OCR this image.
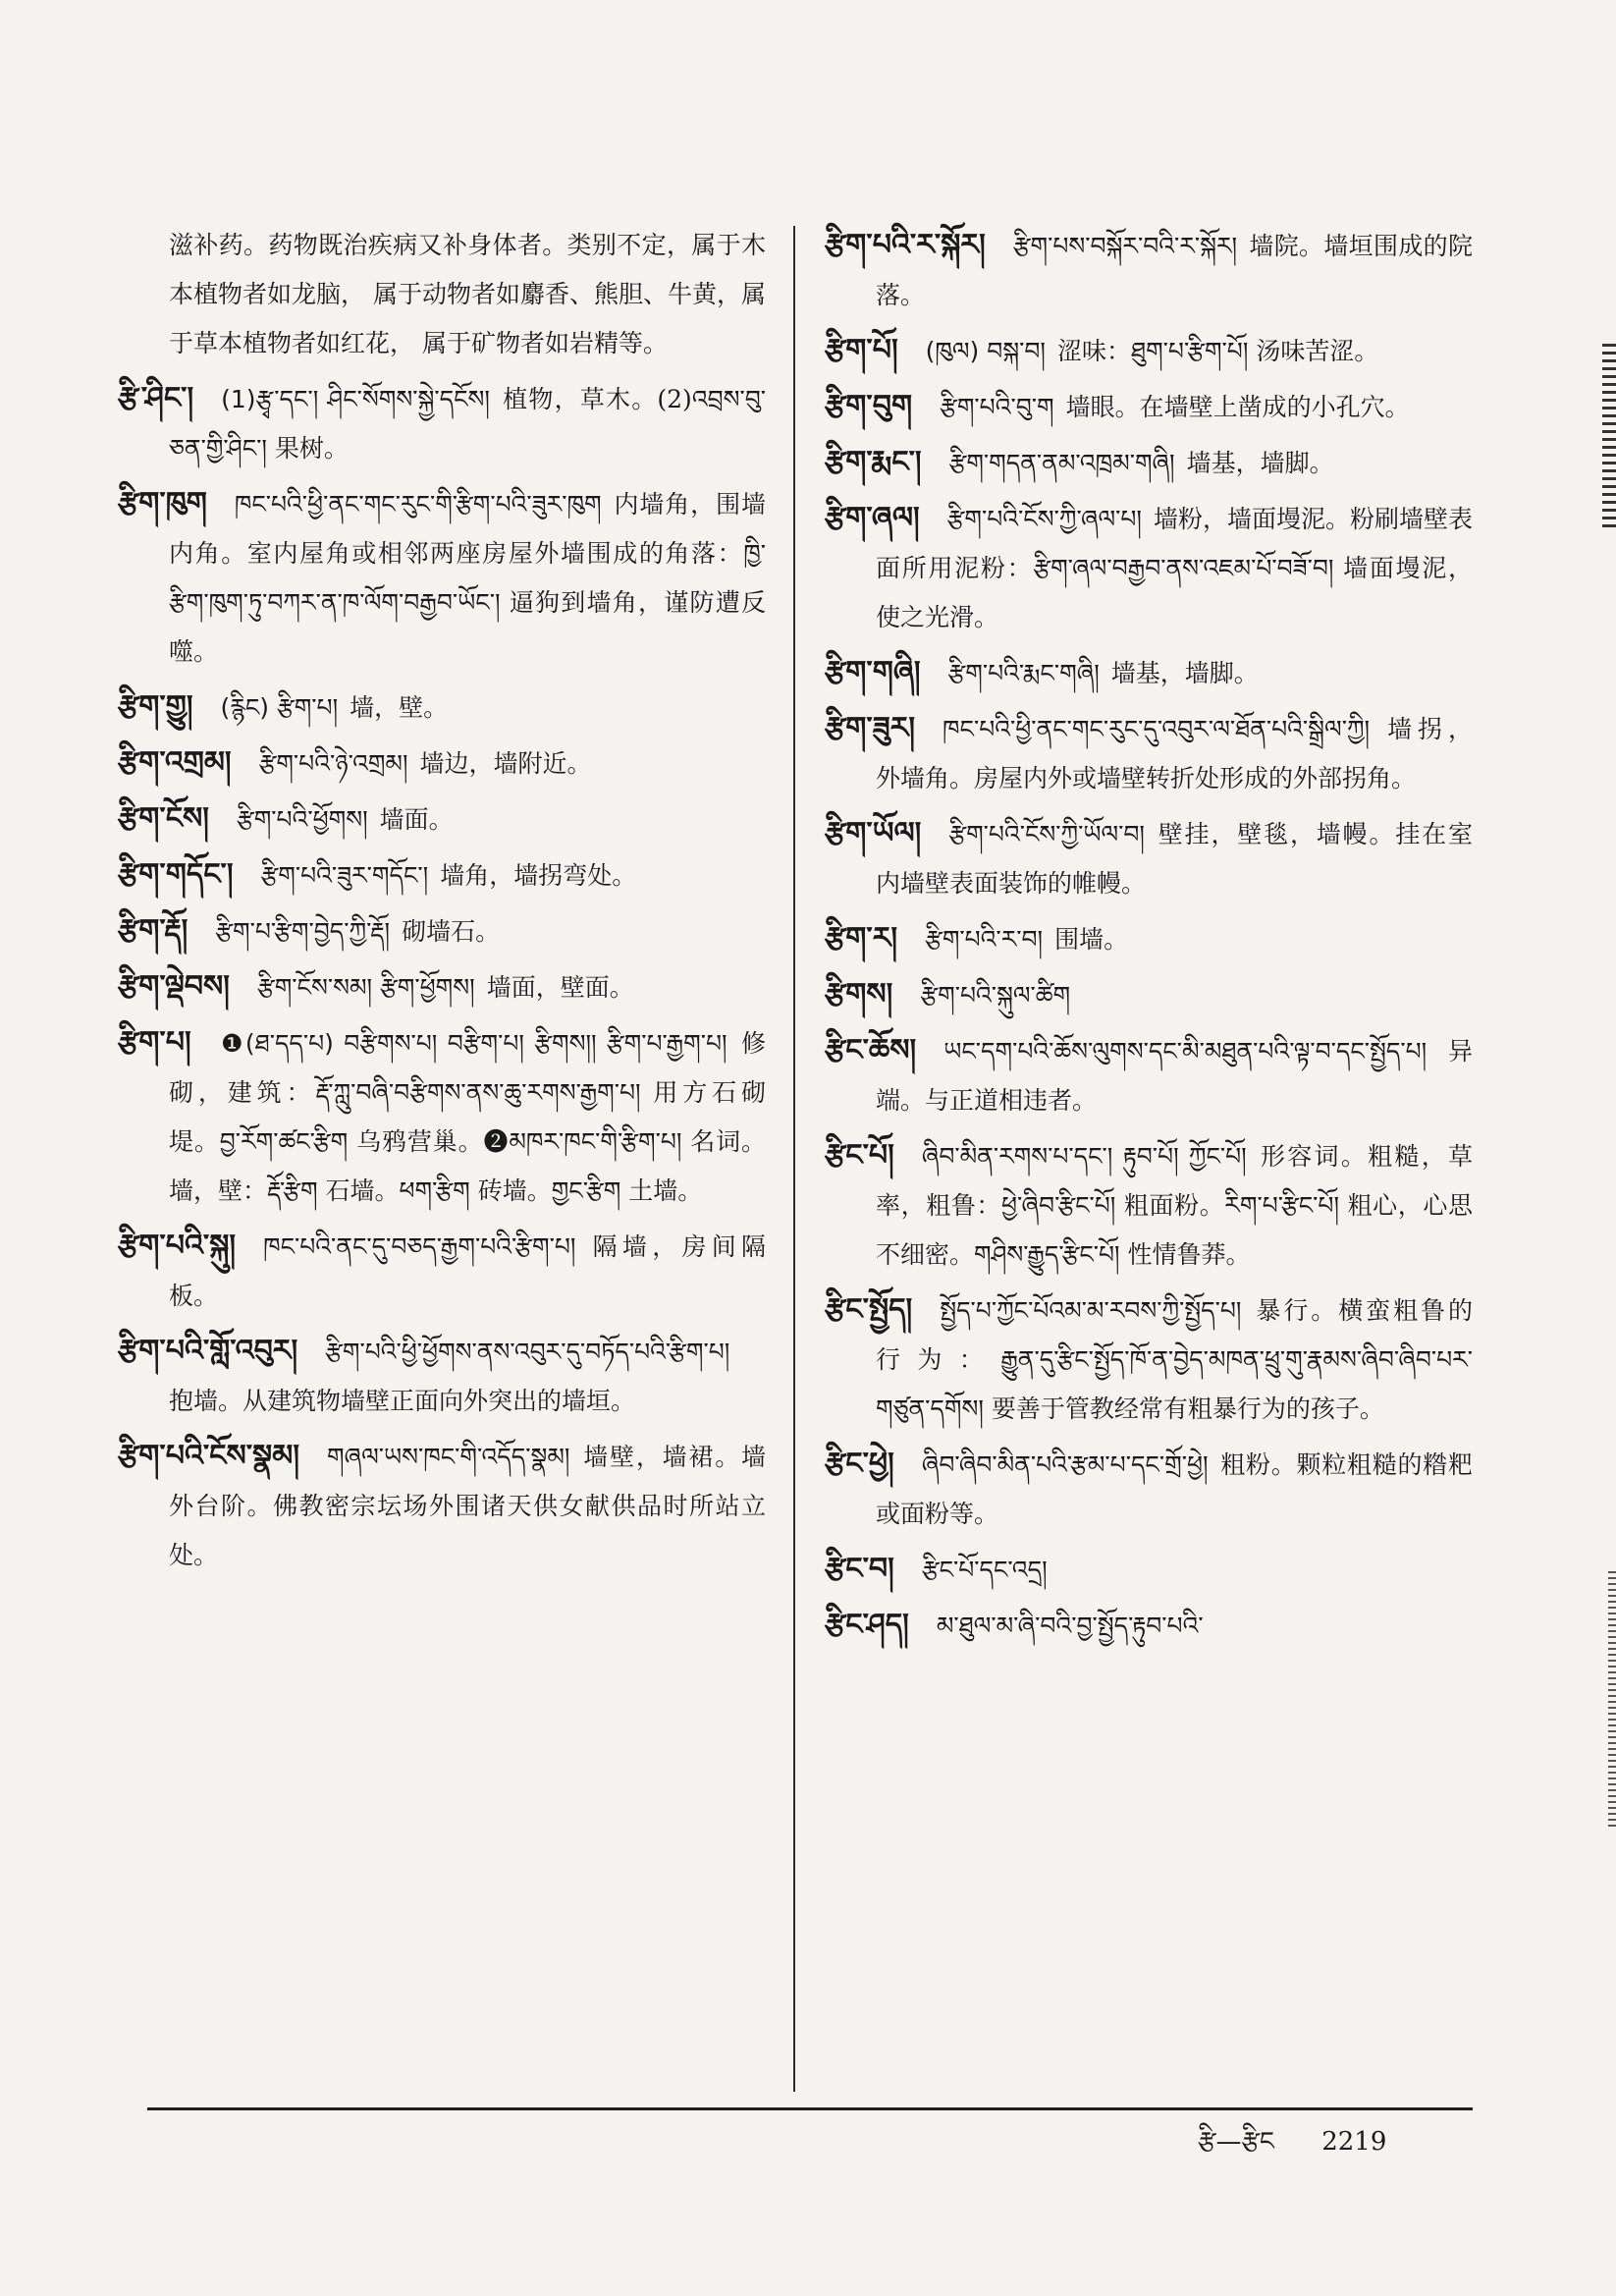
滋补药。药物既治疾病又补身体者。类别不定，属于木本植物者如龙脑， 属于动物者如麝香、熊胆、牛黄，属于草本植物者如红花， 属于矿物者如岩精等。

རྩི་ཤིང་། (1)རྩྭ་དང་། ཤིང་སོགས་སྐྱེ་དངོས། 植物，草木。(2)འབྲས་བུ་ཅན་གྱི་ཤིང་། 果树。

རྩིག་ཁུག ཁང་པའི་ཕྱི་ནང་གང་རུང་གི་རྩིག་པའི་ཟུར་ཁུག 内墙角，围墙内角。室内屋角或相邻两座房屋外墙围成的角落：ཁྱི་རྩིག་ཁུག་ཏུ་བཀར་ན་ཁ་ལོག་བརྒྱབ་ཡོང་། 逼狗到墙角，谨防遭反噬。

རྩིག་གྱུ། (རྙིང) རྩིག་པ། 墙，壁。

རྩིག་འགྲམ། རྩིག་པའི་ཉེ་འགྲམ། 墙边，墙附近。

རྩིག་ངོས། རྩིག་པའི་ཕྱོགས། 墙面。

རྩིག་གདོང་། རྩིག་པའི་ཟུར་གདོང་། 墙角，墙拐弯处。

རྩིག་རྡོ། རྩིག་པ་རྩིག་བྱེད་ཀྱི་རྡོ། 砌墙石。

རྩིག་ལྡེབས། རྩིག་ངོས་སམ། རྩིག་ཕྱོགས། 墙面，壁面。

རྩིག་པ། ❶(ཐ་དད་པ) བརྩིགས་པ། བརྩིག་པ། རྩིགས།། རྩིག་པ་རྒྱག་པ། 修砌，建筑：རྡོ་ཀླུ་བཞི་བརྩིགས་ནས་ཆུ་རགས་རྒྱག་པ། 用方石砌堤。བྱ་རོག་ཚང་རྩིག 乌鸦营巢。❷མཁར་ཁང་གི་རྩིག་པ། 名词。墙，壁：རྡོ་རྩིག 石墙。ཕག་རྩིག 砖墙。གྱང་རྩིག 土墙。

རྩིག་པའི་སྐུ། ཁང་པའི་ནང་དུ་བཅད་རྒྱག་པའི་རྩིག་པ། 隔墙，房间隔板。

རྩིག་པའི་གློ་འབུར། རྩིག་པའི་ཕྱི་ཕྱོགས་ནས་འབུར་དུ་བཏོད་པའི་རྩིག་པ།抱墙。从建筑物墙壁正面向外突出的墙垣。

རྩིག་པའི་ངོས་སྣམ། གཞལ་ཡས་ཁང་གི་འདོད་སྣམ། 墙壁，墙裙。墙外台阶。佛教密宗坛场外围诸天供女献供品时所站立处。

རྩིག་པའི་ར་སྐོར། རྩིག་པས་བསྐོར་བའི་ར་སྐོར། 墙院。墙垣围成的院落。

རྩིག་པོ། (ཁུལ) བསྐ་བ། 涩味：ཐུག་པ་རྩིག་པོ། 汤味苦涩。

རྩིག་བུག རྩིག་པའི་བུ་ག 墙眼。在墙壁上凿成的小孔穴。

རྩིག་རྨང་། རྩིག་གདན་ནམ་འཁྲམ་གཞི། 墙基，墙脚。

རྩིག་ཞལ། རྩིག་པའི་ངོས་ཀྱི་ཞལ་པ། 墙粉，墙面墁泥。粉刷墙壁表面所用泥粉：རྩིག་ཞལ་བརྒྱབ་ནས་འཇམ་པོ་བཟོ་བ། 墙面墁泥，使之光滑。

རྩིག་གཞི། རྩིག་པའི་རྨང་གཞི། 墙基，墙脚。

རྩིག་ཟུར། ཁང་པའི་ཕྱི་ནང་གང་རུང་དུ་འབུར་ལ་ཐོན་པའི་སྒྲིལ་ཀྱི། 墙拐，外墙角。房屋内外或墙壁转折处形成的外部拐角。

རྩིག་ཡོལ། རྩིག་པའི་ངོས་ཀྱི་ཡོལ་བ། 壁挂，壁毯，墙幔。挂在室内墙壁表面装饰的帷幔。

རྩིག་ར། རྩིག་པའི་ར་བ། 围墙。

རྩིགས། རྩིག་པའི་སྐུལ་ཚིག

རྩིང་ཆོས། ཡང་དག་པའི་ཆོས་ལུགས་དང་མི་མཐུན་པའི་ལྟ་བ་དང་སྤྱོད་པ། 异端。与正道相违者。

རྩིང་པོ། ཞིབ་མིན་རགས་པ་དང་། རྟུབ་པོ། ཀྱོང་པོ། 形容词。粗糙，草率，粗鲁：ཕྱེ་ཞིབ་རྩིང་པོ། 粗面粉。རིག་པ་རྩིང་པོ། 粗心，心思不细密。གཤིས་རྒྱུད་རྩིང་པོ། 性情鲁莽。

རྩིང་སྤྱོད། སྤྱོད་པ་ཀྱོང་པོའམ་མ་རབས་ཀྱི་སྤྱོད་པ། 暴行。横蛮粗鲁的行为：རྒྱུན་དུ་རྩིང་སྤྱོད་ཁོ་ན་བྱེད་མཁན་ཕྲུ་གུ་རྣམས་ཞིབ་ཞིབ་པར་གཙུན་དགོས། 要善于管教经常有粗暴行为的孩子。

རྩིང་ཕྱེ། ཞིབ་ཞིབ་མིན་པའི་རྩམ་པ་དང་གྲོ་ཕྱེ། 粗粉。颗粒粗糙的糌粑或面粉等。

རྩིང་བ། རྩིང་པོ་དང་འདྲ།

རྩིང་ཤད། མ་ཐུལ་མ་ཞི་བའི་བྱ་སྤྱོད་རྟུབ་པའི་

རྩི—རྩིང 2219
